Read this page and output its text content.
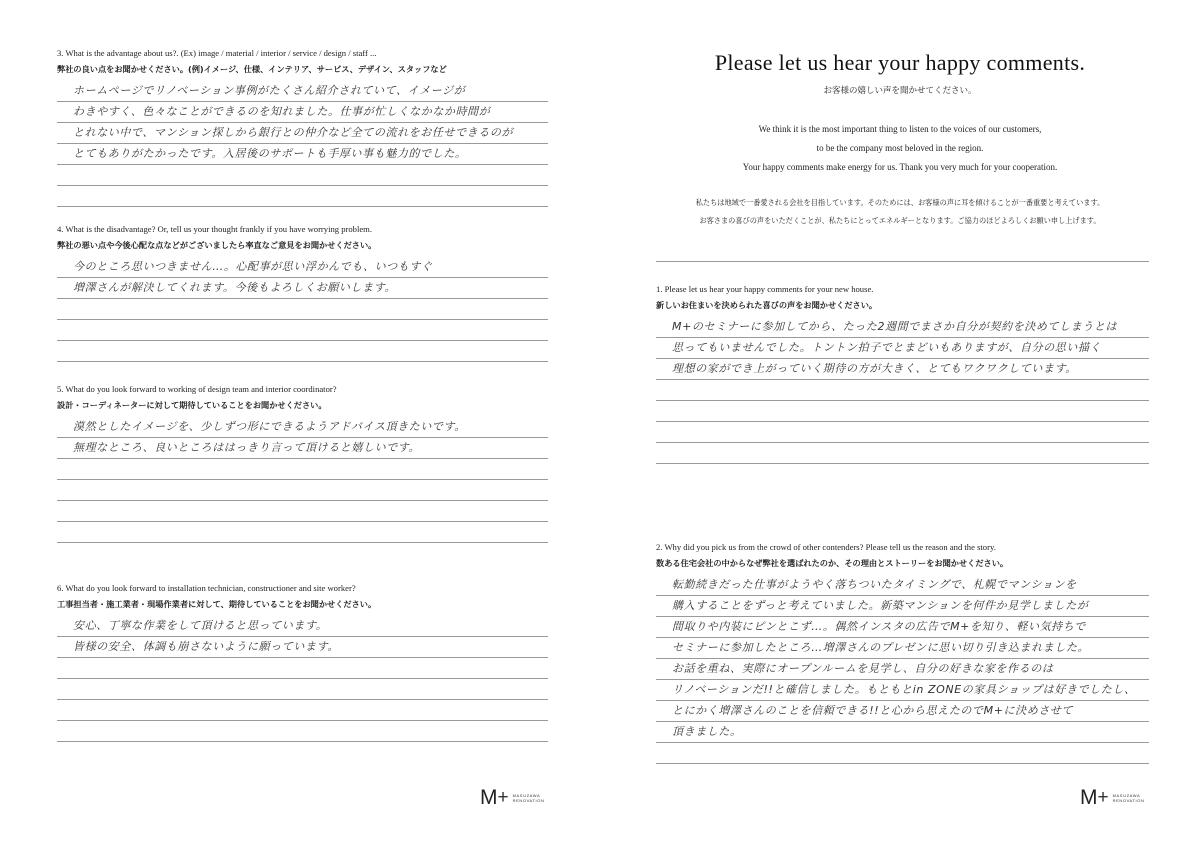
3. What is the advantage about us?. (Ex) image / material / interior / service / design / staff ...
弊社の良い点をお聞かせください。(例)イメージ、仕様、インテリア、サービス、デザイン、スタッフなど
ホームページでリノベーション事例がたくさん紹介されていて、イメージが
わきやすく、色々なことができるのを知れました。仕事が忙しくなかなか時間が
とれない中で、マンション探しから銀行との仲介など全ての流れをお任せできるのが
とてもありがたかったです。入居後のサポートも手厚い事も魅力的でした。
4. What is the disadvantage? Or, tell us your thought frankly if you have worrying problem.
弊社の悪い点や今後心配な点などがございましたら率直なご意見をお聞かせください。
今のところ思いつきません…。心配事が思い浮かんでも、いつもすぐ
増澤さんが解決してくれます。今後もよろしくお願いします。
5. What do you look forward to working of design team and interior coordinator?
設計・コーディネーターに対して期待していることをお聞かせください。
漠然としたイメージを、少しずつ形にできるようアドバイス頂きたいです。
無理なところ、良いところははっきり言って頂けると嬉しいです。
6. What do you look forward to installation technician, constructioner and site worker?
工事担当者・施工業者・現場作業者に対して、期待していることをお聞かせください。
安心、丁寧な作業をして頂けると思っています。
皆様の安全、体調も崩さないように願っています。
M + MASUZAWA
RENOVATION
Please let us hear your happy comments.
お客様の嬉しい声を聞かせてください。
We think it is the most important thing to listen to the voices of our customers,
to be the company most beloved in the region.
Your happy comments make energy for us. Thank you very much for your cooperation.
私たちは地域で一番愛される会社を目指しています。そのためには、お客様の声に耳を傾けることが一番重要と考えています。
お客さまの喜びの声をいただくことが、私たちにとってエネルギーとなります。ご協力のほどよろしくお願い申し上げます。
1. Please let us hear your happy comments for your new house.
新しいお住まいを決められた喜びの声をお聞かせください。
M+のセミナーに参加してから、たった2週間でまさか自分が契約を決めてしまうとは
思ってもいませんでした。トントン拍子でとまどいもありますが、自分の思い描く
理想の家ができ上がっていく期待の方が大きく、とてもワクワクしています。
2. Why did you pick us from the crowd of other contenders? Please tell us the reason and the story.
数ある住宅会社の中からなぜ弊社を選ばれたのか、その理由とストーリーをお聞かせください。
転勤続きだった仕事がようやく落ちついたタイミングで、札幌でマンションを
購入することをずっと考えていました。新築マンションを何件か見学しましたが
間取りや内装にピンとこず…。偶然インスタの広告でM+を知り、軽い気持ちで
セミナーに参加したところ…増澤さんのプレゼンに思い切り引き込まれました。
お話を重ね、実際にオープンルームを見学し、自分の好きな家を作るのは
リノベーションだ!!と確信しました。もともとin ZONEの家具ショップは好きでしたし、
とにかく増澤さんのことを信頼できる!!と心から思えたのでM+に決めさせて
頂きました。
M + MASUZAWA
RENOVATION
